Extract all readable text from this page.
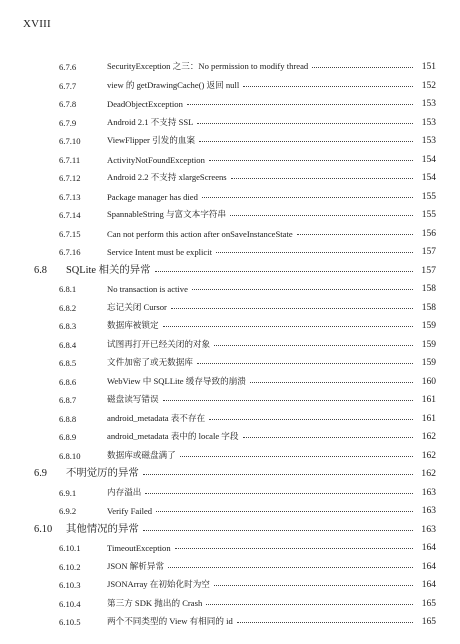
XVIII
6.7.6	SecurityException 之三：No permission to modify thread	151
6.7.7	view 的 getDrawingCache() 返回 null	152
6.7.8	DeadObjectException	153
6.7.9	Android 2.1 不支持 SSL	153
6.7.10	ViewFlipper 引发的血案	153
6.7.11	ActivityNotFoundException	154
6.7.12	Android 2.2 不支持 xlargeScreens	154
6.7.13	Package manager has died	155
6.7.14	SpannableString 与富文本字符串	155
6.7.15	Can not perform this action after onSaveInstanceState	156
6.7.16	Service Intent must be explicit	157
6.8 SQLite 相关的异常	157
6.8.1	No transaction is active	158
6.8.2	忘记关闭 Cursor	158
6.8.3	数据库被锁定	159
6.8.4	试图再打开已经关闭的对象	159
6.8.5	文件加密了或无数据库	159
6.8.6	WebView 中 SQLLite 缓存导致的崩溃	160
6.8.7	磁盘读写错误	161
6.8.8	android_metadata 表不存在	161
6.8.9	android_metadata 表中的 locale 字段	162
6.8.10	数据库或磁盘满了	162
6.9 不明觉厉的异常	162
6.9.1	内存溢出	163
6.9.2	Verify Failed	163
6.10 其他情况的异常	163
6.10.1	TimeoutException	164
6.10.2	JSON 解析异常	164
6.10.3	JSONArray 在初始化时为空	164
6.10.4	第三方 SDK 抛出的 Crash	165
6.10.5	两个不同类型的 View 有相同的 id	165
